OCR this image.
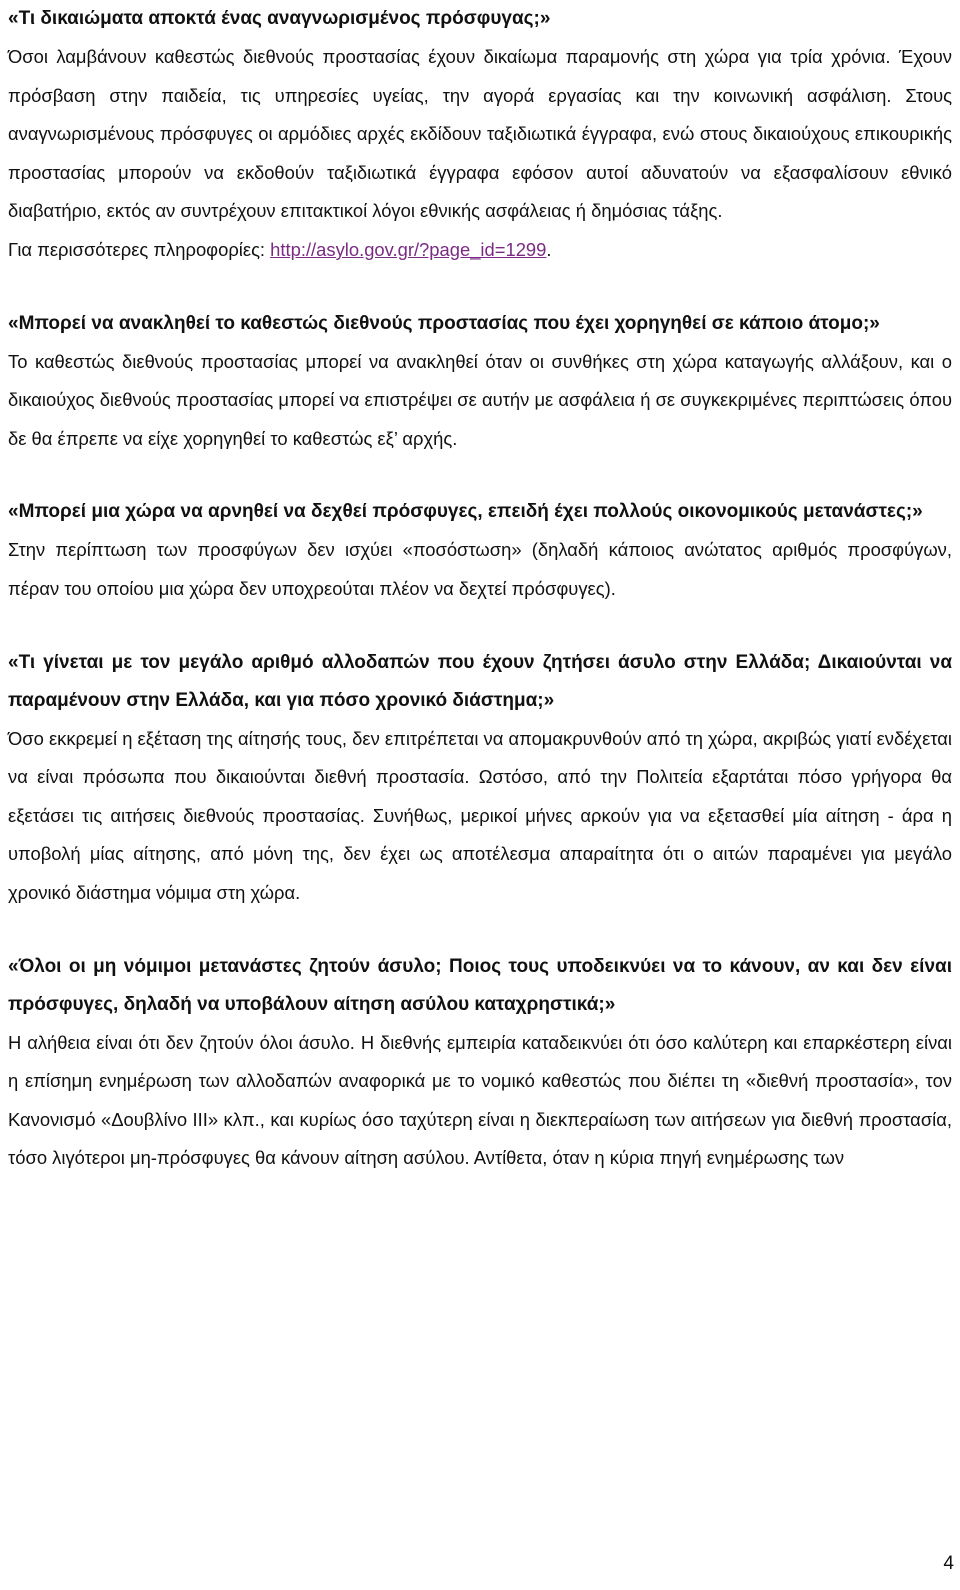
«Τι δικαιώματα αποκτά ένας αναγνωρισμένος πρόσφυγας;»

Όσοι λαμβάνουν καθεστώς διεθνούς προστασίας έχουν δικαίωμα παραμονής στη χώρα για τρία χρόνια. Έχουν πρόσβαση στην παιδεία, τις υπηρεσίες υγείας, την αγορά εργασίας και την κοινωνική ασφάλιση. Στους αναγνωρισμένους πρόσφυγες οι αρμόδιες αρχές εκδίδουν ταξιδιωτικά έγγραφα, ενώ στους δικαιούχους επικουρικής προστασίας μπορούν να εκδοθούν ταξιδιωτικά έγγραφα εφόσον αυτοί αδυνατούν να εξασφαλίσουν εθνικό διαβατήριο, εκτός αν συντρέχουν επιτακτικοί λόγοι εθνικής ασφάλειας ή δημόσιας τάξης.
Για περισσότερες πληροφορίες: http://asylo.gov.gr/?page_id=1299.

«Μπορεί να ανακληθεί το καθεστώς διεθνούς προστασίας που έχει χορηγηθεί σε κάποιο άτομο;»

Το καθεστώς διεθνούς προστασίας μπορεί να ανακληθεί όταν οι συνθήκες στη χώρα καταγωγής αλλάξουν, και ο δικαιούχος διεθνούς προστασίας μπορεί να επιστρέψει σε αυτήν με ασφάλεια ή σε συγκεκριμένες περιπτώσεις όπου δε θα έπρεπε να είχε χορηγηθεί το καθεστώς εξ’ αρχής.

«Μπορεί μια χώρα να αρνηθεί να δεχθεί πρόσφυγες, επειδή έχει πολλούς οικονομικούς μετανάστες;»

Στην περίπτωση των προσφύγων δεν ισχύει «ποσόστωση» (δηλαδή κάποιος ανώτατος αριθμός προσφύγων, πέραν του οποίου μια χώρα δεν υποχρεούται πλέον να δεχτεί πρόσφυγες).

«Τι γίνεται με τον μεγάλο αριθμό αλλοδαπών που έχουν ζητήσει άσυλο στην Ελλάδα; Δικαιούνται να παραμένουν στην Ελλάδα, και για πόσο χρονικό διάστημα;»

Όσο εκκρεμεί η εξέταση της αίτησής τους, δεν επιτρέπεται να απομακρυνθούν από τη χώρα, ακριβώς γιατί ενδέχεται να είναι πρόσωπα που δικαιούνται διεθνή προστασία. Ωστόσο, από την Πολιτεία εξαρτάται πόσο γρήγορα θα εξετάσει τις αιτήσεις διεθνούς προστασίας. Συνήθως, μερικοί μήνες αρκούν για να εξετασθεί μία αίτηση - άρα η υποβολή μίας αίτησης, από μόνη της, δεν έχει ως αποτέλεσμα απαραίτητα ότι ο αιτών παραμένει για μεγάλο χρονικό διάστημα νόμιμα στη χώρα.

«Όλοι οι μη νόμιμοι μετανάστες ζητούν άσυλο; Ποιος τους υποδεικνύει να το κάνουν, αν και δεν είναι πρόσφυγες, δηλαδή να υποβάλουν αίτηση ασύλου καταχρηστικά;»

Η αλήθεια είναι ότι δεν ζητούν όλοι άσυλο. Η διεθνής εμπειρία καταδεικνύει ότι όσο καλύτερη και επαρκέστερη είναι η επίσημη ενημέρωση των αλλοδαπών αναφορικά με το νομικό καθεστώς που διέπει τη «διεθνή προστασία», τον Κανονισμό «Δουβλίνο ΙΙΙ» κλπ., και κυρίως όσο ταχύτερη είναι η διεκπεραίωση των αιτήσεων για διεθνή προστασία, τόσο λιγότεροι μη-πρόσφυγες θα κάνουν αίτηση ασύλου. Αντίθετα, όταν η κύρια πηγή ενημέρωσης των

4
